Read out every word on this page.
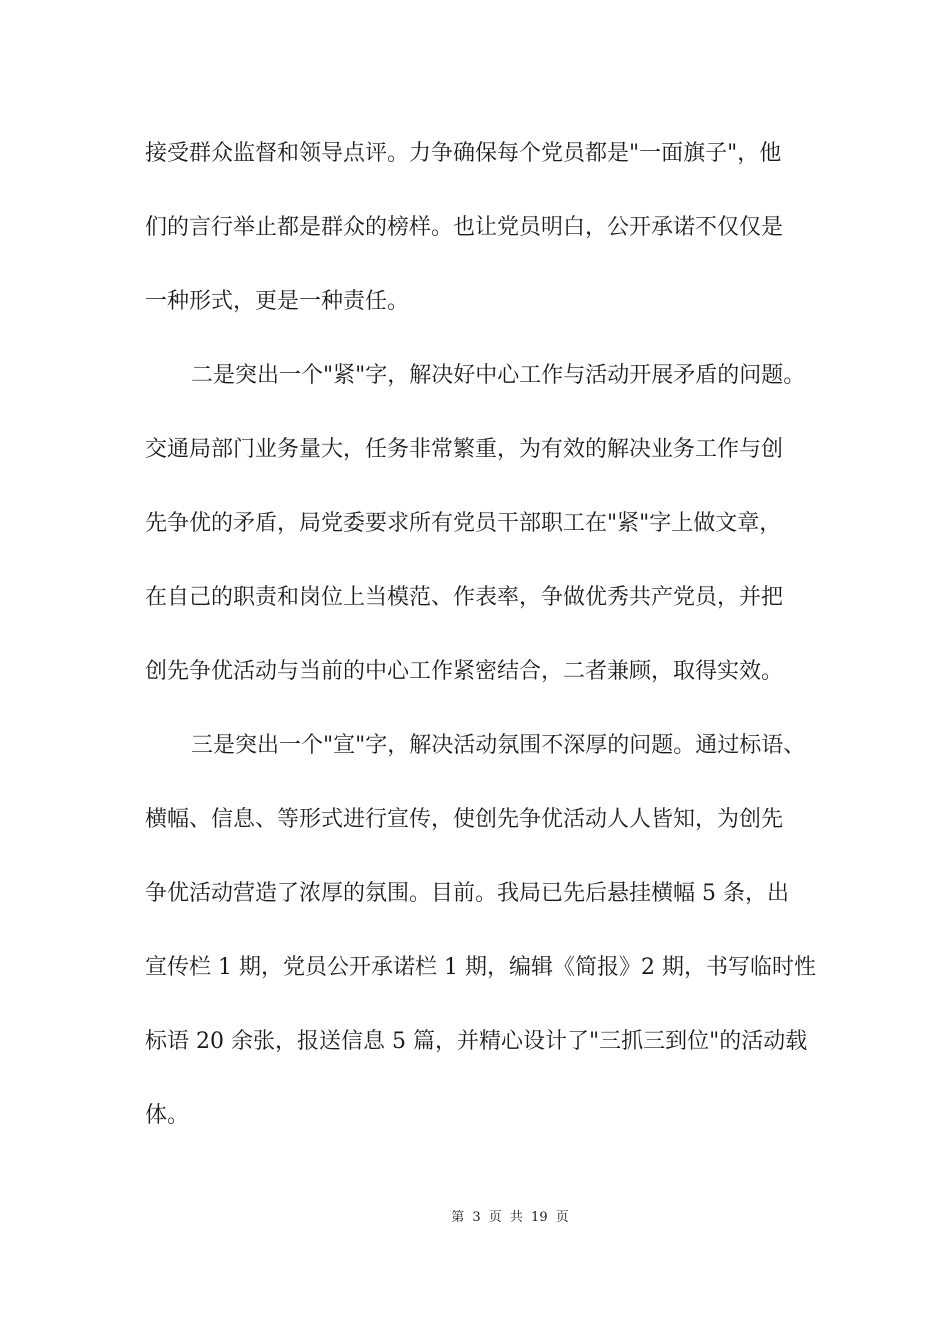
接受群众监督和领导点评。力争确保每个党员都是"一面旗子"，他
们的言行举止都是群众的榜样。也让党员明白，公开承诺不仅仅是
一种形式，更是一种责任。
二是突出一个"紧"字，解决好中心工作与活动开展矛盾的问题。
交通局部门业务量大，任务非常繁重，为有效的解决业务工作与创
先争优的矛盾，局党委要求所有党员干部职工在"紧"字上做文章，
在自己的职责和岗位上当模范、作表率，争做优秀共产党员，并把
创先争优活动与当前的中心工作紧密结合，二者兼顾，取得实效。
三是突出一个"宣"字，解决活动氛围不深厚的问题。通过标语、
横幅、信息、等形式进行宣传，使创先争优活动人人皆知，为创先
争优活动营造了浓厚的氛围。目前。我局已先后悬挂横幅 5 条，出
宣传栏 1 期，党员公开承诺栏 1 期，编辑《简报》2 期，书写临时性
标语 20 余张，报送信息 5 篇，并精心设计了"三抓三到位"的活动载
体。
第 3 页 共 19 页
